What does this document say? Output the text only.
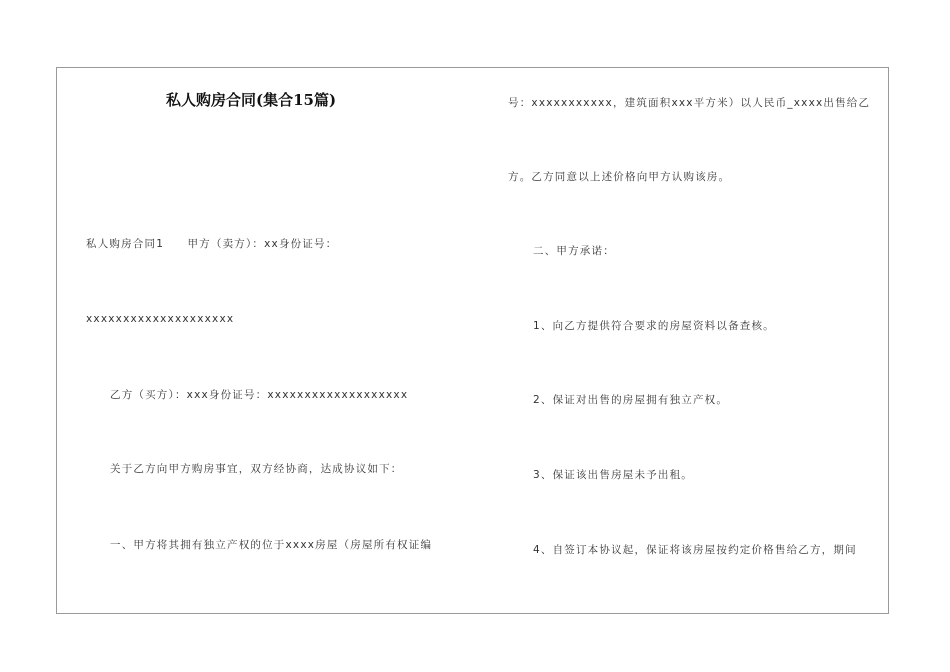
私人购房合同(集合15篇)
私人购房合同1　　甲方（卖方）：xx身份证号：
xxxxxxxxxxxxxxxxxxxx
乙方（买方）：xxx身份证号：xxxxxxxxxxxxxxxxxxx
关于乙方向甲方购房事宜，双方经协商，达成协议如下：
一、甲方将其拥有独立产权的位于xxxx房屋（房屋所有权证编
号：xxxxxxxxxxx，建筑面积xxx平方米）以人民币_xxxx出售给乙
方。乙方同意以上述价格向甲方认购该房。
二、甲方承诺：
1、向乙方提供符合要求的房屋资料以备查核。
2、保证对出售的房屋拥有独立产权。
3、保证该出售房屋未予出租。
4、自签订本协议起，保证将该房屋按约定价格售给乙方，期间
